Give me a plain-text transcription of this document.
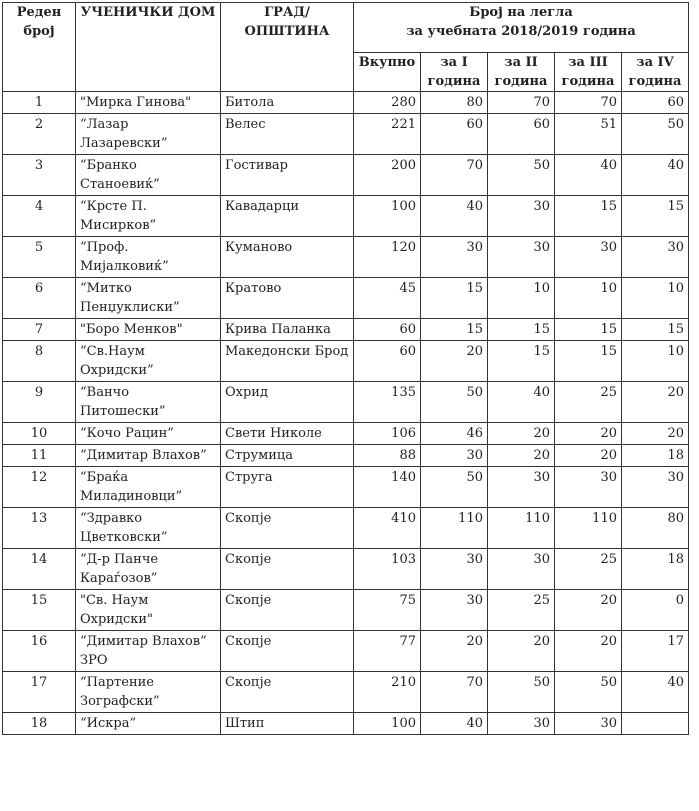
Реден број	УЧЕНИЧКИ ДОМ	ГРАД/ ОПШТИНА	Број на легла
за учебната 2018/2019 година				

			Вкупно	за I година	за II година	за III година	за IV година
1	"Мирка Гинова"	Битола	280	80	70	70	60
2	“Лазар Лазаревски”	Велес	221	60	60	51	50
3	“Бранко Станоевиќ”	Гостивар	200	70	50	40	40
4	“Крсте П. Мисирков”	Кавадарци	100	40	30	15	15
5	“Проф. Мијалковиќ”	Куманово	120	30	30	30	30
6	“Митко Пенџуклиски”	Кратово	45	15	10	10	10
7	"Боро Менков"	Крива Паланка	60	15	15	15	15
8	“Св.Наум Охридски”	Македонски Брод	60	20	15	15	10
9	“Ванчо Питошески”	Охрид	135	50	40	25	20
10	“Кочо Рацин”	Свети Николе	106	46	20	20	20
11	“Димитар Влахов”	Струмица	88	30	20	20	18
12	“Браќа Миладиновци”	Струга	140	50	30	30	30
13	“Здравко Цветковски”	Скопје	410	110	110	110	80
14	“Д-р Панче Караѓозов”	Скопје	103	30	30	25	18
15	"Св. Наум Охридски"	Скопје	75	30	25	20	0
16	“Димитар Влахов” ЗРО	Скопје	77	20	20	20	17
17	“Партение Зографски”	Скопје	210	70	50	50	40
18	“Искра”	Штип	100	40	30	30	
